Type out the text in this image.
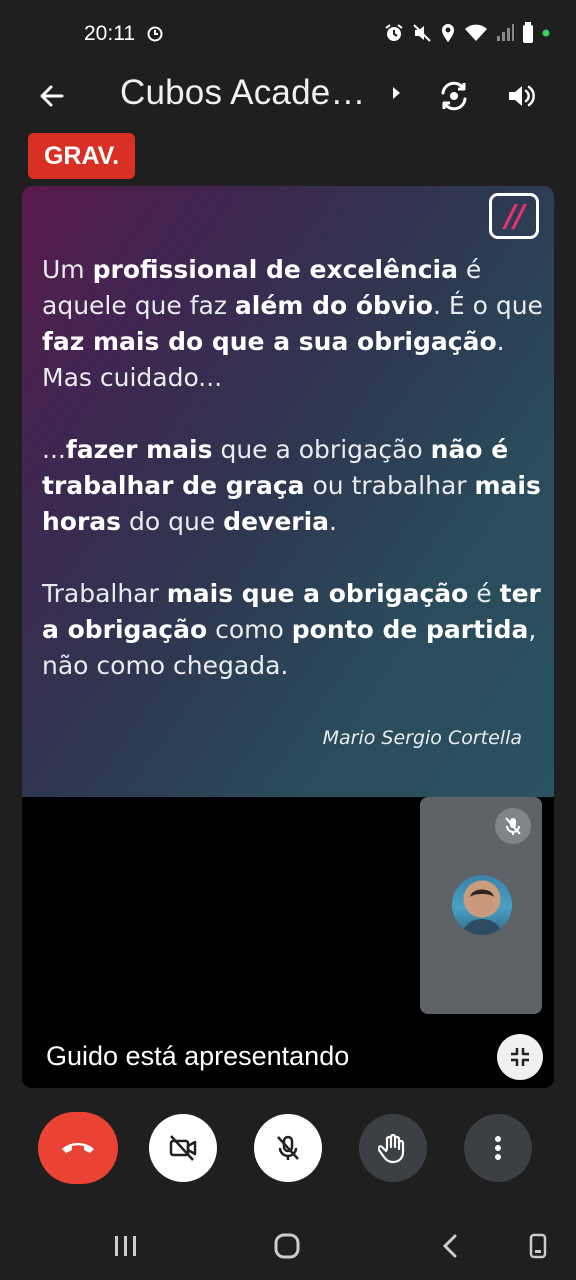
20:11
Cubos Acade…
GRAV.
//
Um profissional de excelência é aquele que faz além do óbvio. É o que faz mais do que a sua obrigação. Mas cuidado...
...fazer mais que a obrigação não é trabalhar de graça ou trabalhar mais horas do que deveria.
Trabalhar mais que a obrigação é ter a obrigação como ponto de partida, não como chegada.
Mario Sergio Cortella
Guido está apresentando
